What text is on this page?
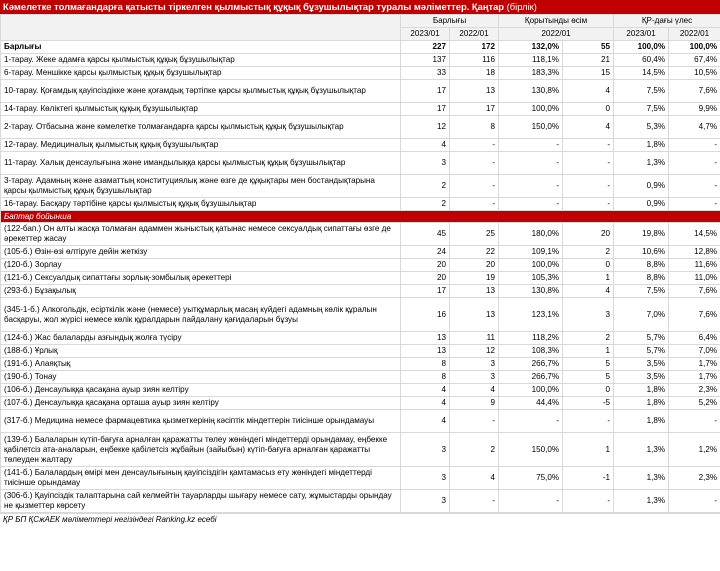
Кәмелетке толмағандарға қатысты тіркелген қылмыстық құқық бұзушылықтар туралы мәліметтер. Қаңтар (бірлік)
	Барлығы		Қорытынды өсім		ҚР-дағы үлес	
	2023/01	2022/01	2022/01		2023/01	2022/01
Барлығы	227	172	132,0%	55	100,0%	100,0%
1-тарау. Жеке адамға қарсы қылмыстық құқық бұзушылықтар	137	116	118,1%	21	60,4%	67,4%
6-тарау. Меншікке қарсы қылмыстық құқық бұзушылықтар	33	18	183,3%	15	14,5%	10,5%
10-тарау. Қоғамдық қауіпсіздікке және қоғамдық тәртіпке қарсы қылмыстық құқық бұзушылықтар	17	13	130,8%	4	7,5%	7,6%
14-тарау. Көліктегі қылмыстық құқық бұзушылықтар	17	17	100,0%	0	7,5%	9,9%
2-тарау. Отбасына және кәмелетке толмағандарға қарсы қылмыстық құқық бұзушылықтар	12	8	150,0%	4	5,3%	4,7%
12-тарау. Медициналық қылмыстық құқық бұзушылықтар	4	-	-	-	1,8%	-
11-тарау. Халық денсаулығына және имандылыққа қарсы қылмыстық құқық бұзушылықтар	3	-	-	-	1,3%	-
3-тарау. Адамның және азаматтың конституциялық және өзге де құқықтары мен бостандықтарына қарсы қылмыстық құқық бұзушылықтар	2	-	-	-	0,9%	-
16-тарау. Басқару тәртібіне қарсы қылмыстық құқық бұзушылықтар	2	-	-	-	0,9%	-
Баптар бойынша						
(122-бап.) Он алты жасқа толмаған адаммен жыныстық қатынас немесе сексуалдық сипаттағы өзге де әрекеттер жасау	45	25	180,0%	20	19,8%	14,5%
(105-б.) Өзін-өзі өлтіруге дейін жеткізу	24	22	109,1%	2	10,6%	12,8%
(120-б.) Зорлау	20	20	100,0%	0	8,8%	11,6%
(121-б.) Сексуалдық сипаттағы зорлық-зомбылық әрекеттері	20	19	105,3%	1	8,8%	11,0%
(293-б.) Бұзақылық	17	13	130,8%	4	7,5%	7,6%
(345-1-б.) Алкогольдік, есірткілік және (немесе) уытқұмарлық масаң күйдегі адамның көлік құралын басқаруы, жол жүрісі немесе көлік құралдарын пайдалану қағидаларын бұзуы	16	13	123,1%	3	7,0%	7,6%
(124-б.) Жас балаларды азғындық жолға түсіру	13	11	118,2%	2	5,7%	6,4%
(188-б.) Ұрлық	13	12	108,3%	1	5,7%	7,0%
(191-б.) Алаяқтық	8	3	266,7%	5	3,5%	1,7%
(190-б.) Тонау	8	3	266,7%	5	3,5%	1,7%
(106-б.) Денсаулыққа қасақана ауыр зиян келтіру	4	4	100,0%	0	1,8%	2,3%
(107-б.) Денсаулыққа қасақана орташа ауыр зиян келтіру	4	9	44,4%	-5	1,8%	5,2%
(317-б.) Медицина немесе фармацевтика қызметкерінің кәсіптік міндеттерін тиісінше орындамауы	4	-	-	-	1,8%	-
(139-б.) Балаларын күтіп-бағуға арналған қаражатты төлеу жөніндегі міндеттерді орындамау, еңбекке қабілетсіз ата-аналарын, еңбекке қабілетсіз жұбайын (зайыбын) күтіп-бағуға арналған қаражатты төлеуден жалтару	3	2	150,0%	1	1,3%	1,2%
(141-б.) Балалардың өмірі мен денсаулығының қауіпсіздігін қамтамасыз ету жөніндегі міндеттерді тиісінше орындамау	3	4	75,0%	-1	1,3%	2,3%
(306-б.) Қауіпсіздік талаптарына сай келмейтін тауарларды шығару немесе сату, жұмыстарды орындау не қызметтер көрсету	3	-	-	-	1,3%	-
ҚР БП ҚСжАЕК мәліметтері негізіндегі Ranking.kz есебі
